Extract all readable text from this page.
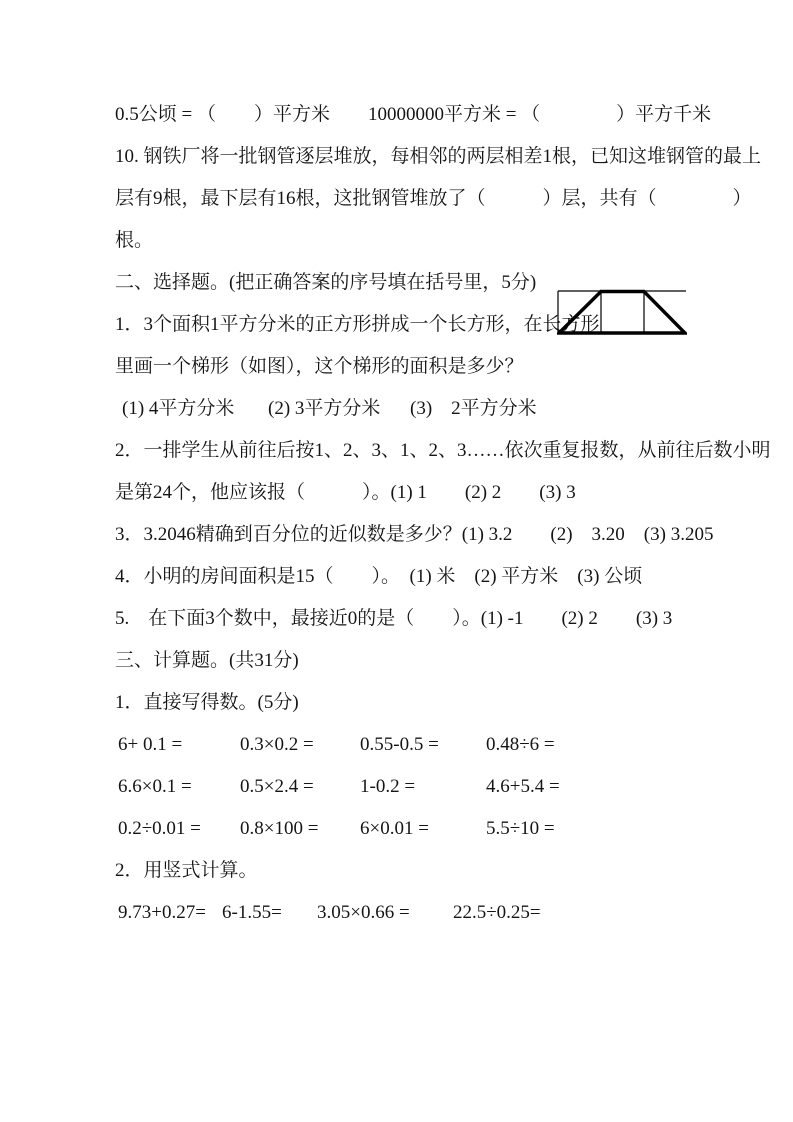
0.5公顷 = （　　）平方米　　10000000平方米 = （　　　　）平方千米

10. 钢铁厂将一批钢管逐层堆放，每相邻的两层相差1根，已知这堆钢管的最上

层有9根，最下层有16根，这批钢管堆放了（　　　）层，共有（　　　　）

根。

二、选择题。(把正确答案的序号填在括号里，5分)

1．3个面积1平方分米的正方形拼成一个长方形，在长方形

里画一个梯形（如图），这个梯形的面积是多少？

(1) 4平方分米	(2) 3平方分米	(3)　2平方分米

2．一排学生从前往后按1、2、3、1、2、3……依次重复报数，从前往后数小明

是第24个，他应该报（　　　）。(1) 1　　(2) 2　　(3) 3

3．3.2046精确到百分位的近似数是多少？(1) 3.2　　(2)　3.20　(3) 3.205

4．小明的房间面积是15（　　）。　(1) 米　(2) 平方米　(3) 公顷

5.　在下面3个数中，最接近0的是（　　）。(1) -1　　(2) 2　　(3) 3

三、计算题。(共31分)

1．直接写得数。(5分)

6+ 0.1 =	0.3×0.2 =	0.55-0.5 =	0.48÷6 =
6.6×0.1 =	0.5×2.4 =	1-0.2 =	4.6+5.4 =
0.2÷0.01 =	0.8×100 =	6×0.01 =	5.5÷10 =

2．用竖式计算。

9.73+0.27= 6-1.55=	3.05×0.66 =	22.5÷0.25=
